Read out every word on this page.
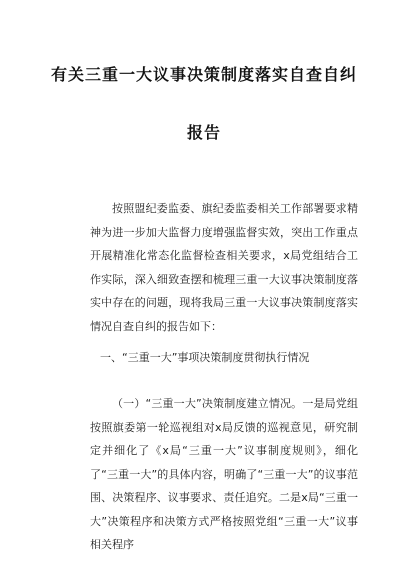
有关三重一大议事决策制度落实自查自纠
报告
按照盟纪委监委、旗纪委监委相关工作部署要求精神为进一步加大监督力度增强监督实效，突出工作重点开展精准化常态化监督检查相关要求，x局党组结合工作实际，深入细致查摆和梳理三重一大议事决策制度落实中存在的问题，现将我局三重一大议事决策制度落实情况自查自纠的报告如下：
一、“三重一大”事项决策制度贯彻执行情况
（一）“三重一大”决策制度建立情况。一是局党组按照旗委第一轮巡视组对x局反馈的巡视意见，研究制定并细化了《x局“三重一大”议事制度规则》，细化了“三重一大”的具体内容，明确了“三重一大”的议事范围、决策程序、议事要求、责任追究。二是x局“三重一大”决策程序和决策方式严格按照党组“三重一大”议事相关程序
